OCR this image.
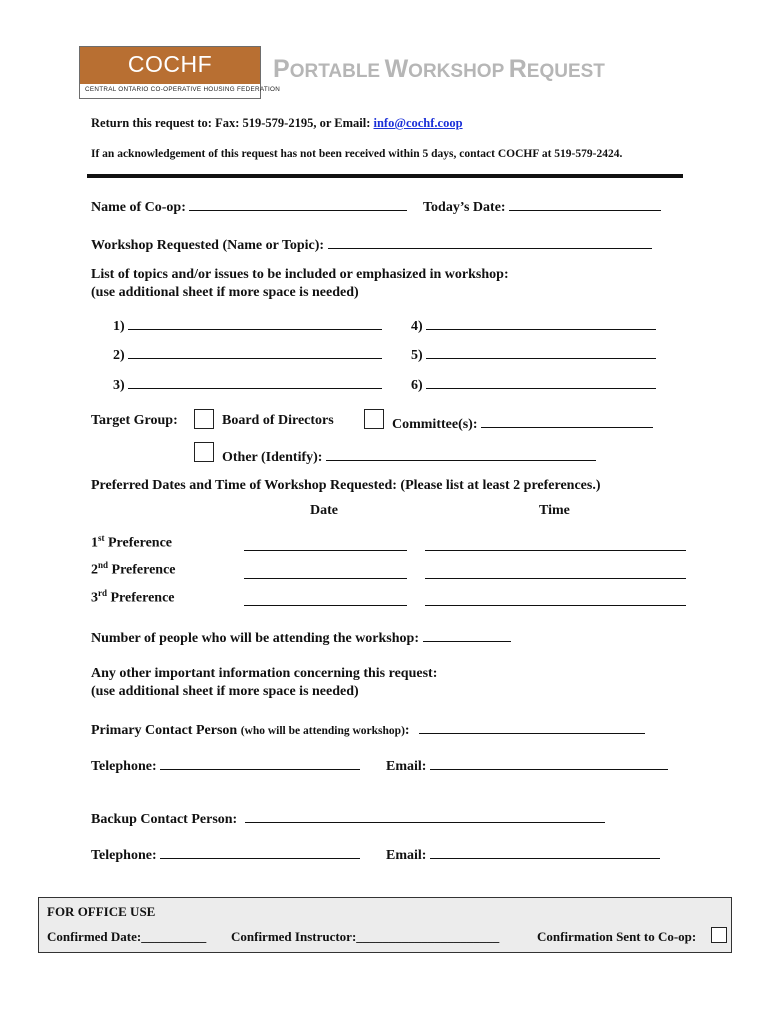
COCHF
CENTRAL ONTARIO CO-OPERATIVE HOUSING FEDERATION
PORTABLE WORKSHOP REQUEST
Return this request to: Fax: 519-579-2195, or Email: info@cochf.coop
If an acknowledgement of this request has not been received within 5 days, contact COCHF at 519-579-2424.
Name of Co-op:	Today’s Date:
Workshop Requested (Name or Topic):
List of topics and/or issues to be included or emphasized in workshop:
(use additional sheet if more space is needed)
1)
2)
3)
4)
5)
6)
Target Group:	Board of Directors	Committee(s):
Other (Identify):
Preferred Dates and Time of Workshop Requested: (Please list at least 2 preferences.)
Date	Time
1st Preference
2nd Preference
3rd Preference
Number of people who will be attending the workshop:
Any other important information concerning this request:
(use additional sheet if more space is needed)
Primary Contact Person (who will be attending workshop):
Telephone:	Email:
Backup Contact Person:
Telephone:	Email:
FOR OFFICE USE
Confirmed Date:__________ Confirmed Instructor:______________________	Confirmation Sent to Co-op:
